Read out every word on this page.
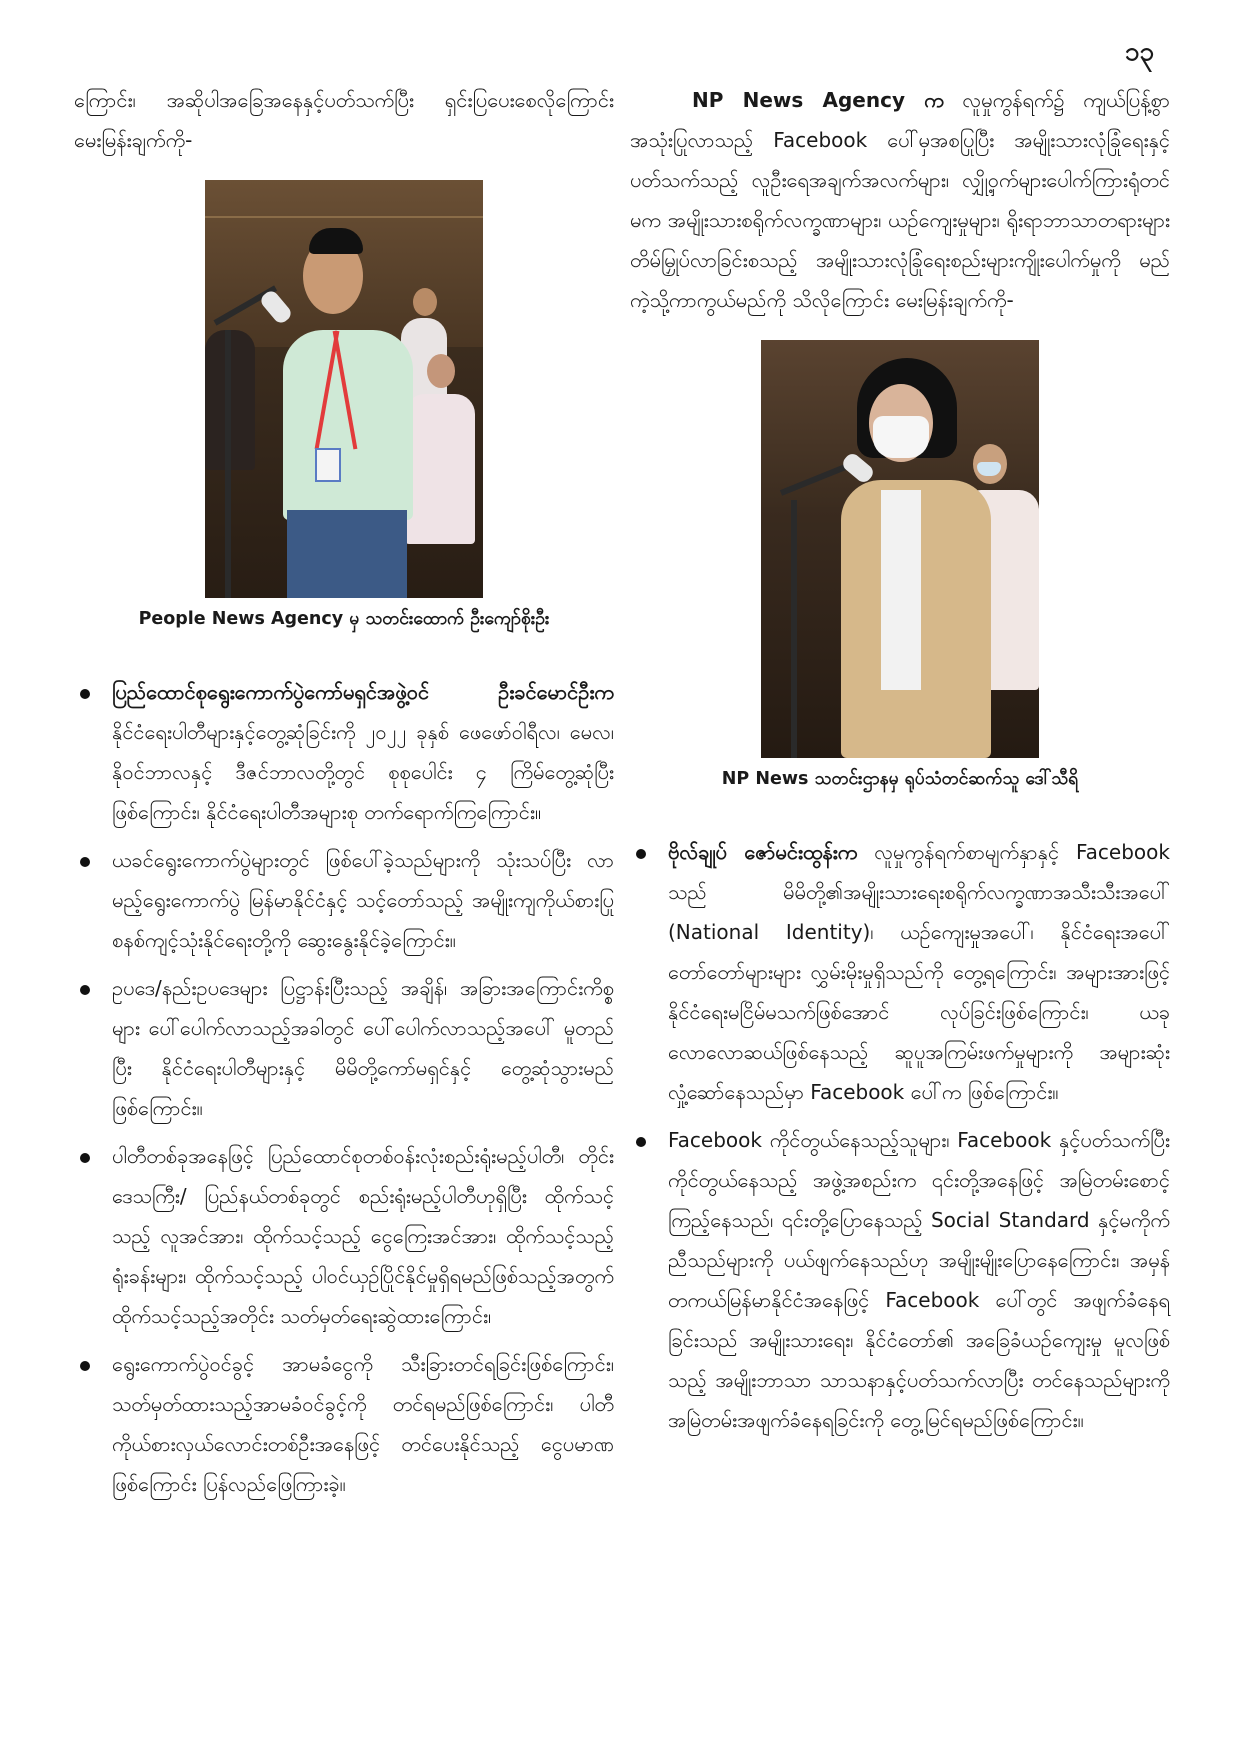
၁၃

ကြောင်း၊ အဆိုပါအခြေအနေနှင့်ပတ်သက်ပြီး ရှင်းပြပေးစေလိုကြောင်း မေးမြန်းချက်ကို-

People News Agency မှ သတင်းထောက် ဦးကျော်စိုးဦး
ပြည်ထောင်စုရွေးကောက်ပွဲကော်မရှင်အဖွဲ့ဝင် ဦးခင်မောင်ဦးက နိုင်ငံရေးပါတီများနှင့်တွေ့ဆုံခြင်းကို ၂၀၂၂ ခုနှစ် ဖေဖော်ဝါရီလ၊ မေလ၊ နိုဝင်ဘာလနှင့် ဒီဇင်ဘာလတို့တွင် စုစုပေါင်း ၄ ကြိမ်တွေ့ဆုံပြီးဖြစ်ကြောင်း၊ နိုင်ငံရေးပါတီအများစု တက်ရောက်ကြကြောင်း။
ယခင်ရွေးကောက်ပွဲများတွင် ဖြစ်ပေါ်ခဲ့သည်များကို သုံးသပ်ပြီး လာမည့်ရွေးကောက်ပွဲ မြန်မာနိုင်ငံနှင့် သင့်တော်သည့် အမျိုးကျကိုယ်စားပြုစနစ်ကျင့်သုံးနိုင်ရေးတို့ကို ဆွေးနွေးနိုင်ခဲ့ကြောင်း။
ဥပဒေ/နည်းဥပဒေများ ပြဋ္ဌာန်းပြီးသည့် အချိန်၊ အခြားအကြောင်းကိစ္စများ ပေါ်ပေါက်လာသည့်အခါတွင် ပေါ်ပေါက်လာသည့်အပေါ် မူတည်ပြီး နိုင်ငံရေးပါတီများနှင့် မိမိတို့ကော်မရှင်နှင့် တွေ့ဆုံသွားမည်ဖြစ်ကြောင်း။
ပါတီတစ်ခုအနေဖြင့် ပြည်ထောင်စုတစ်ဝန်းလုံးစည်းရုံးမည့်ပါတီ၊ တိုင်းဒေသကြီး/ ပြည်နယ်တစ်ခုတွင် စည်းရုံးမည့်ပါတီဟုရှိပြီး ထိုက်သင့်သည့် လူအင်အား၊ ထိုက်သင့်သည့် ငွေကြေးအင်အား၊ ထိုက်သင့်သည့် ရုံးခန်းများ၊ ထိုက်သင့်သည့် ပါဝင်ယှဉ်ပြိုင်နိုင်မှုရှိရမည်ဖြစ်သည့်အတွက် ထိုက်သင့်သည့်အတိုင်း သတ်မှတ်ရေးဆွဲထားကြောင်း၊
ရွေးကောက်ပွဲဝင်ခွင့် အာမခံငွေကို သီးခြားတင်ရခြင်းဖြစ်ကြောင်း၊ သတ်မှတ်ထားသည့်အာမခံဝင်ခွင့်ကို တင်ရမည်ဖြစ်ကြောင်း၊ ပါတီကိုယ်စားလှယ်လောင်းတစ်ဦးအနေဖြင့် တင်ပေးနိုင်သည့် ငွေပမာဏဖြစ်ကြောင်း ပြန်လည်ဖြေကြားခဲ့။

NP News Agency က လူမှုကွန်ရက်၌ ကျယ်ပြန့်စွာ အသုံးပြုလာသည့် Facebook ပေါ်မှအစပြုပြီး အမျိုးသားလုံခြုံရေးနှင့်ပတ်သက်သည့် လူဦးရေအချက်အလက်များ၊ လျှို့ဝှက်များပေါက်ကြားရုံတင်မက အမျိုးသားစရိုက်လက္ခဏာများ၊ ယဉ်ကျေးမှုများ၊ ရိုးရာဘာသာတရားများ တိမ်မြှုပ်လာခြင်းစသည့် အမျိုးသားလုံခြုံရေးစည်းများကျိုးပေါက်မှုကို မည်ကဲ့သို့ကာကွယ်မည်ကို သိလိုကြောင်း မေးမြန်းချက်ကို-

NP News သတင်းဌာနမှ ရုပ်သံတင်ဆက်သူ ဒေါ်သီရိ
ဗိုလ်ချုပ် ဇော်မင်းထွန်းက လူမှုကွန်ရက်စာမျက်နှာနှင့် Facebook သည် မိမိတို့၏အမျိုးသားရေးစရိုက်လက္ခဏာအသီးသီးအပေါ် (National Identity)၊ ယဉ်ကျေးမှုအပေါ်၊ နိုင်ငံရေးအပေါ် တော်တော်များများ လွှမ်းမိုးမှုရှိသည်ကို တွေ့ရကြောင်း၊ အများအားဖြင့် နိုင်ငံရေးမငြိမ်မသက်ဖြစ်အောင် လုပ်ခြင်းဖြစ်ကြောင်း၊ ယခုလောလောဆယ်ဖြစ်နေသည့် ဆူပူအကြမ်းဖက်မှုများကို အများဆုံး လှုံ့ဆော်နေသည်မှာ Facebook ပေါ်က ဖြစ်ကြောင်း။
Facebook ကိုင်တွယ်နေသည့်သူများ၊ Facebook နှင့်ပတ်သက်ပြီး ကိုင်တွယ်နေသည့် အဖွဲ့အစည်းက ၎င်းတို့အနေဖြင့် အမြဲတမ်းစောင့်ကြည့်နေသည်၊ ၎င်းတို့ပြောနေသည့် Social Standard နှင့်မကိုက်ညီသည်များကို ပယ်ဖျက်နေသည်ဟု အမျိုးမျိုးပြောနေကြောင်း၊ အမှန်တကယ်မြန်မာနိုင်ငံအနေဖြင့် Facebook ပေါ်တွင် အဖျက်ခံနေရခြင်းသည် အမျိုးသားရေး၊ နိုင်ငံတော်၏ အခြေခံယဉ်ကျေးမှု မူလဖြစ်သည့် အမျိုးဘာသာ သာသနာနှင့်ပတ်သက်လာပြီး တင်နေသည်များကို အမြဲတမ်းအဖျက်ခံနေရခြင်းကို တွေ့မြင်ရမည်ဖြစ်ကြောင်း။
